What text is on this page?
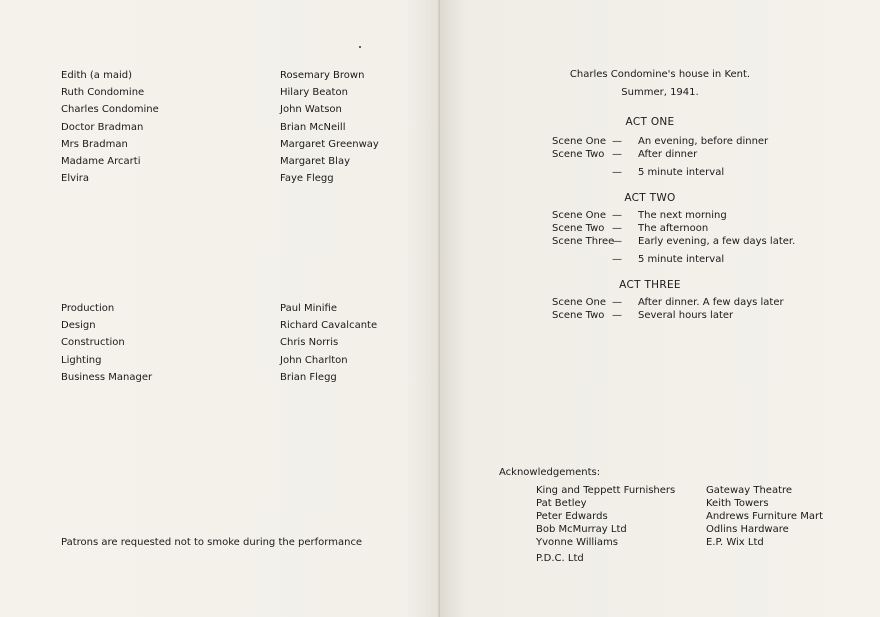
Edith (a maid)
Ruth Condomine
Charles Condomine
Doctor Bradman
Mrs Bradman
Madame Arcarti
Elvira
Rosemary Brown
Hilary Beaton
John Watson
Brian McNeill
Margaret Greenway
Margaret Blay
Faye Flegg
Production
Design
Construction
Lighting
Business Manager
Paul Minifie
Richard Cavalcante
Chris Norris
John Charlton
Brian Flegg
Patrons are requested not to smoke during the performance
Charles Condomine's house in Kent.
Summer, 1941.
ACT ONE
Scene One — An evening, before dinner
Scene Two — After dinner
— 5 minute interval
ACT TWO
Scene One — The next morning
Scene Two — The afternoon
Scene Three
— Early evening, a few days later.
— 5 minute interval
ACT THREE
Scene One — After dinner. A few days later
Scene Two — Several hours later
Acknowledgements:
King and Teppett Furnishers
Pat Betley
Peter Edwards
Bob McMurray Ltd
Yvonne Williams
P.D.C. Ltd
Gateway Theatre
Keith Towers
Andrews Furniture Mart
Odlins Hardware
E.P. Wix Ltd
